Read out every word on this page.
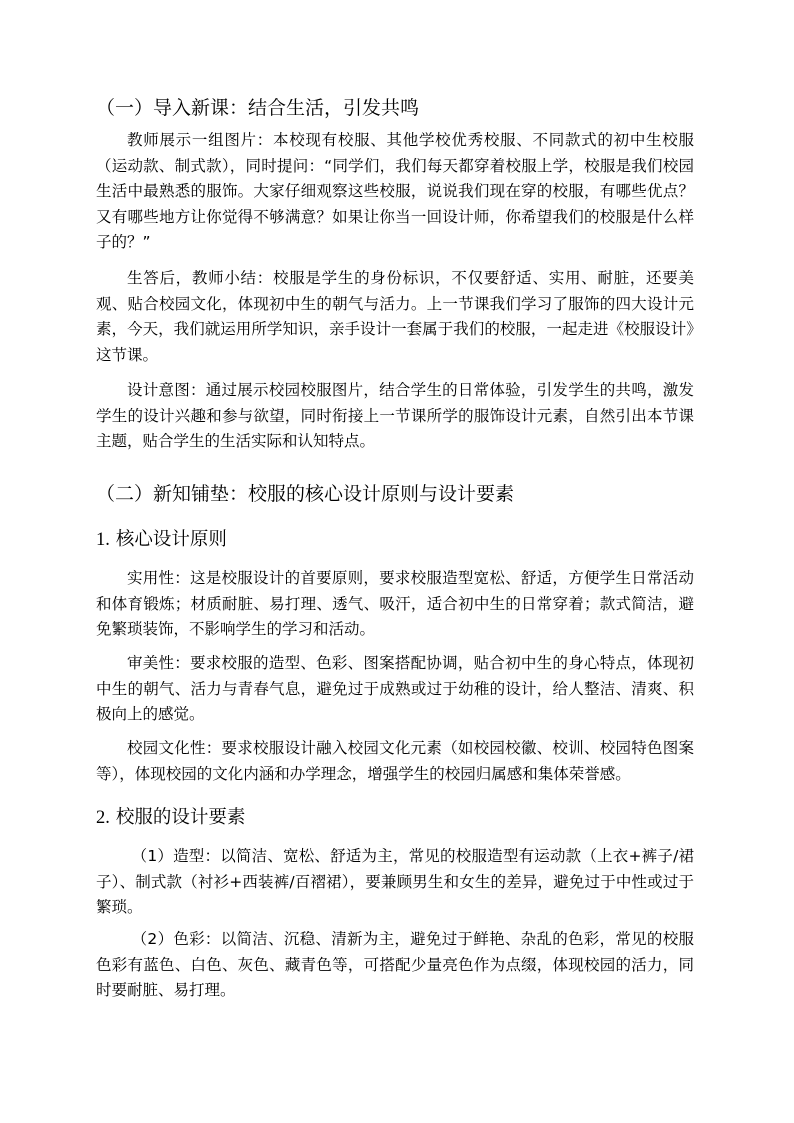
（一）导入新课：结合生活，引发共鸣

教师展示一组图片：本校现有校服、其他学校优秀校服、不同款式的初中生校服（运动款、制式款），同时提问：“同学们，我们每天都穿着校服上学，校服是我们校园生活中最熟悉的服饰。大家仔细观察这些校服，说说我们现在穿的校服，有哪些优点？又有哪些地方让你觉得不够满意？如果让你当一回设计师，你希望我们的校服是什么样子的？”

生答后，教师小结：校服是学生的身份标识，不仅要舒适、实用、耐脏，还要美观、贴合校园文化，体现初中生的朝气与活力。上一节课我们学习了服饰的四大设计元素，今天，我们就运用所学知识，亲手设计一套属于我们的校服，一起走进《校服设计》这节课。

设计意图：通过展示校园校服图片，结合学生的日常体验，引发学生的共鸣，激发学生的设计兴趣和参与欲望，同时衔接上一节课所学的服饰设计元素，自然引出本节课主题，贴合学生的生活实际和认知特点。

（二）新知铺垫：校服的核心设计原则与设计要素
1. 核心设计原则

实用性：这是校服设计的首要原则，要求校服造型宽松、舒适，方便学生日常活动和体育锻炼；材质耐脏、易打理、透气、吸汗，适合初中生的日常穿着；款式简洁，避免繁琐装饰，不影响学生的学习和活动。

审美性：要求校服的造型、色彩、图案搭配协调，贴合初中生的身心特点，体现初中生的朝气、活力与青春气息，避免过于成熟或过于幼稚的设计，给人整洁、清爽、积极向上的感觉。

校园文化性：要求校服设计融入校园文化元素（如校园校徽、校训、校园特色图案等），体现校园的文化内涵和办学理念，增强学生的校园归属感和集体荣誉感。

2. 校服的设计要素

（1）造型：以简洁、宽松、舒适为主，常见的校服造型有运动款（上衣+裤子/裙子）、制式款（衬衫+西装裤/百褶裙），要兼顾男生和女生的差异，避免过于中性或过于繁琐。

（2）色彩：以简洁、沉稳、清新为主，避免过于鲜艳、杂乱的色彩，常见的校服色彩有蓝色、白色、灰色、藏青色等，可搭配少量亮色作为点缀，体现校园的活力，同时要耐脏、易打理。
